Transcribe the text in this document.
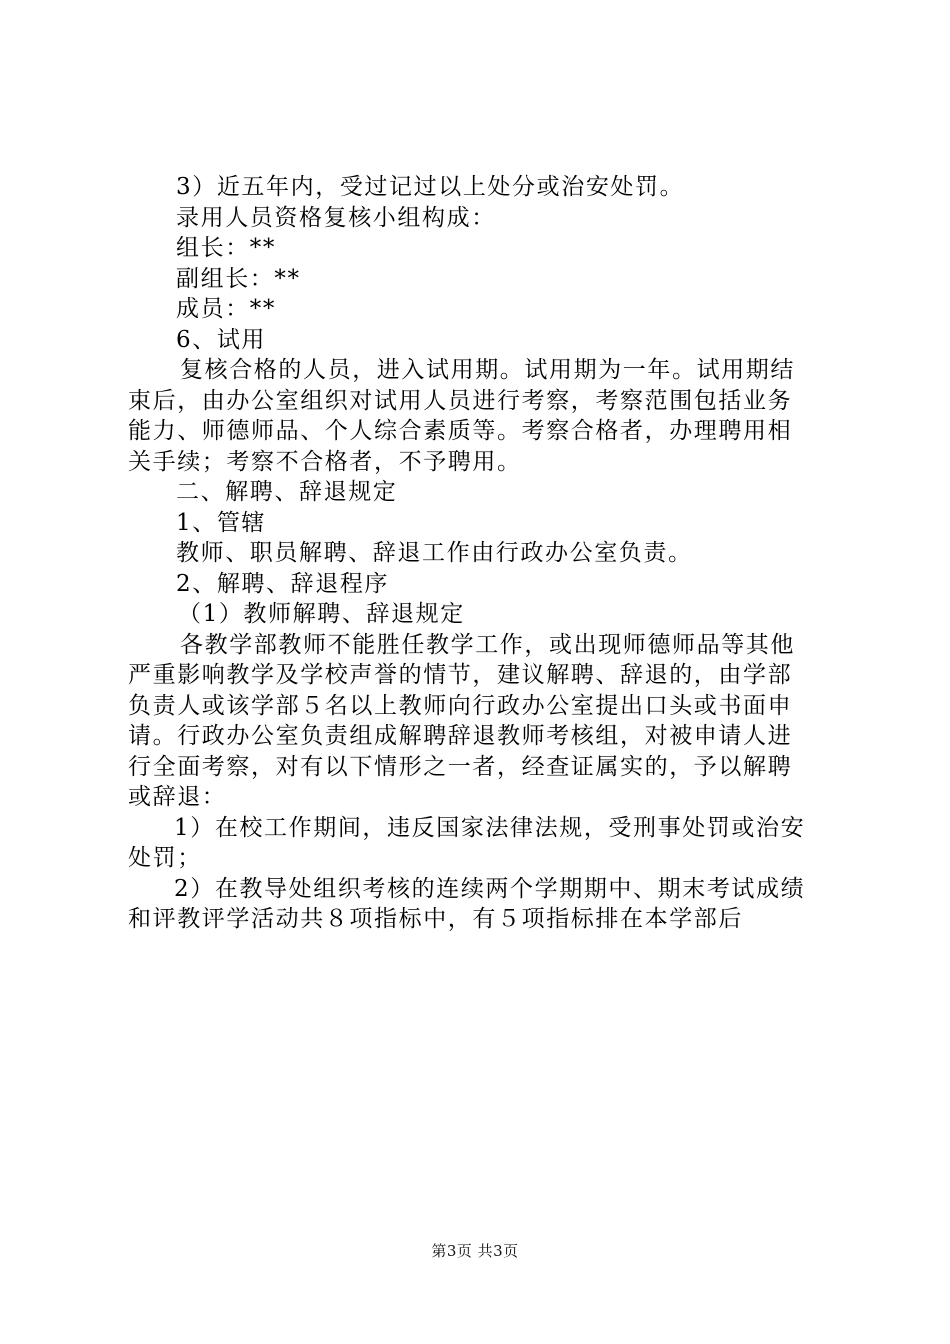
3）近五年内，受过记过以上处分或治安处罚。
录用人员资格复核小组构成：
组长：**
副组长：**
成员：**
6、试用
复核合格的人员，进入试用期。试用期为一年。试用期结
束后，由办公室组织对试用人员进行考察，考察范围包括业务
能力、师德师品、个人综合素质等。考察合格者，办理聘用相
关手续；考察不合格者，不予聘用。
二、解聘、辞退规定
1、管辖
教师、职员解聘、辞退工作由行政办公室负责。
2、解聘、辞退程序
（1）教师解聘、辞退规定
各教学部教师不能胜任教学工作，或出现师德师品等其他
严重影响教学及学校声誉的情节，建议解聘、辞退的，由学部
负责人或该学部５名以上教师向行政办公室提出口头或书面申
请。行政办公室负责组成解聘辞退教师考核组，对被申请人进
行全面考察，对有以下情形之一者，经查证属实的，予以解聘
或辞退：
1）在校工作期间，违反国家法律法规，受刑事处罚或治安
处罚；
2）在教导处组织考核的连续两个学期期中、期末考试成绩
和评教评学活动共８项指标中，有５项指标排在本学部后
第3页 共3页
